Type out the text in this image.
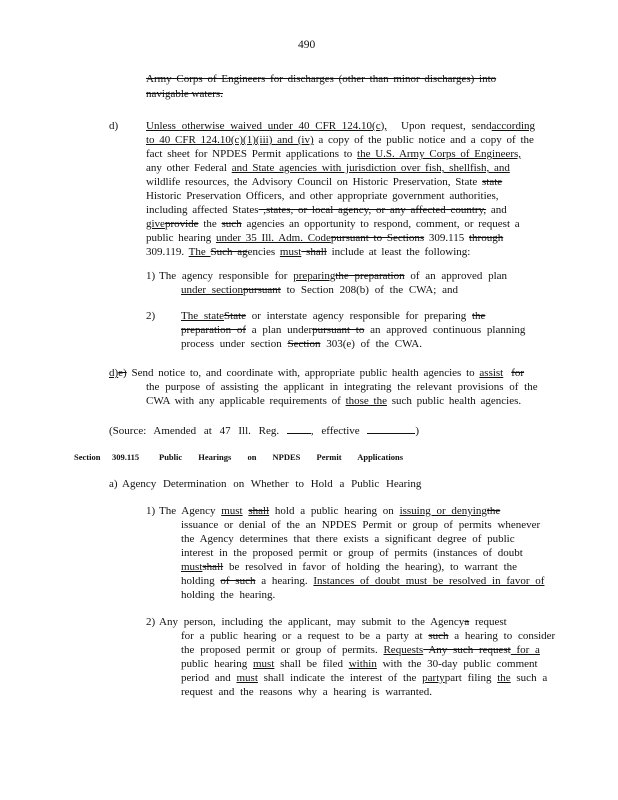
490
Army Corps of Engineers for discharges (other than minor discharges) into
navigable waters.
d)	Unless otherwise waived under 40 CFR 124.10(c), Upon request, sendaccording
to 40 CFR 124.10(c)(1)(iii) and (iv) a copy of the public notice and a copy of the
fact sheet for NPDES Permit applications to the U.S. Army Corps of Engineers,
any other Federal and State agencies with jurisdiction over fish, shellfish, and
wildlife resources, the Advisory Council on Historic Preservation, State state
Historic Preservation Officers, and other appropriate government authorities,
including affected States ,states, or local agency, or any affected country, and
giveprovide the such agencies an opportunity to respond, comment, or request a
public hearing under 35 Ill. Adm. Codepursuant to Sections 309.115 through
309.119. The Such agencies must shall include at least the following:
1) The agency responsible for preparingthe preparation of an approved plan
under sectionpursuant to Section 208(b) of the CWA; and
2) The stateState or interstate agency responsible for preparing the
preparation of a plan underpursuant to an approved continuous planning
process under section Section 303(e) of the CWA.
d)e) Send notice to, and coordinate with, appropriate public health agencies to assist for
the purpose of assisting the applicant in integrating the relevant provisions of the
CWA with any applicable requirements of those the such public health agencies.
(Source: Amended at 47 Ill. Reg. , effective	)
Section 309.115 Public Hearings on NPDES Permit Applications
a) Agency Determination on Whether to Hold a Public Hearing
1) The Agency must shall hold a public hearing on issuing or denyingthe
issuance or denial of the an NPDES Permit or group of permits whenever
the Agency determines that there exists a significant degree of public
interest in the proposed permit or group of permits (instances of doubt
mustshall be resolved in favor of holding the hearing), to warrant the
holding of such a hearing. Instances of doubt must be resolved in favor of
holding the hearing.
2) Any person, including the applicant, may submit to the Agencya request
for a public hearing or a request to be a party at such a hearing to consider
the proposed permit or group of permits. Requests Any such request for a
public hearing must shall be filed within with the 30-day public comment
period and must shall indicate the interest of the partypart filing the such a
request and the reasons why a hearing is warranted.
